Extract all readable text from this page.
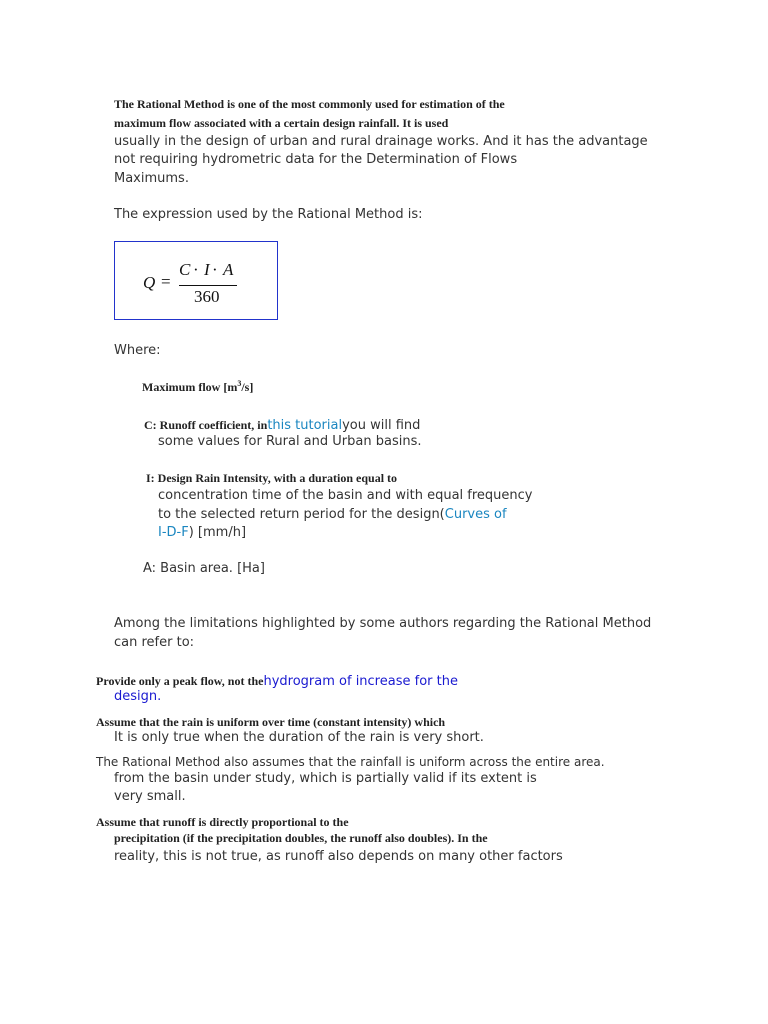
The Rational Method is one of the most commonly used for estimation of the
maximum flow associated with a certain design rainfall. It is used
usually in the design of urban and rural drainage works. And it has the advantage
not requiring hydrometric data for the Determination of Flows
Maximums.
The expression used by the Rational Method is:
Q =
C · I · A
360
Where:
Maximum flow $[m^3/s]$
C: Runoff coefficient, inthis tutorialyou will find
some values for Rural and Urban basins.
I: Design Rain Intensity, with a duration equal to
concentration time of the basin and with equal frequency
to the selected return period for the design(Curves of
I-D-F) [mm/h]
A: Basin area. [Ha]
Among the limitations highlighted by some authors regarding the Rational Method
can refer to:
Provide only a peak flow, not thehydrogram of increase for the
design.
Assume that the rain is uniform over time (constant intensity) which
It is only true when the duration of the rain is very short.
The Rational Method also assumes that the rainfall is uniform across the entire area.
from the basin under study, which is partially valid if its extent is
very small.
Assume that runoff is directly proportional to the
precipitation (if the precipitation doubles, the runoff also doubles). In the
reality, this is not true, as runoff also depends on many other factors
